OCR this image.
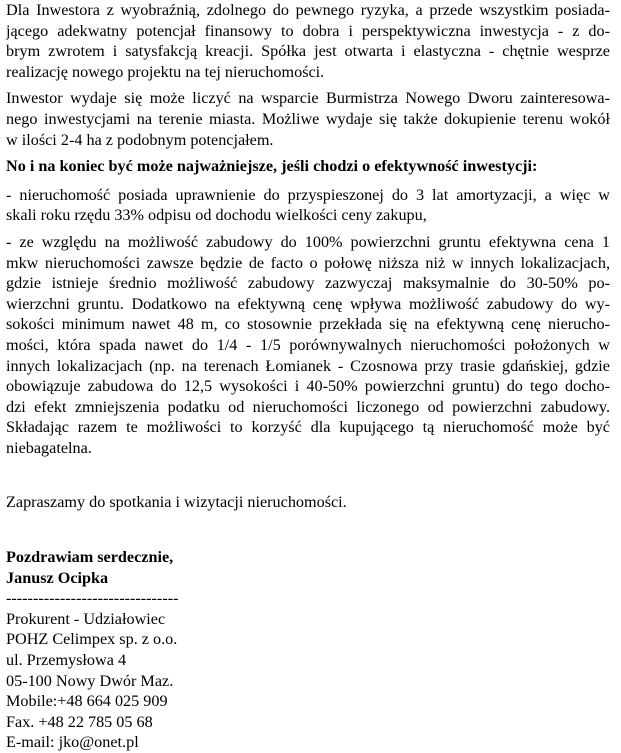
Dla Inwestora z wyobraźnią, zdolnego do pewnego ryzyka, a przede wszystkim posiada-
jącego adekwatny potencjał finansowy to dobra i perspektywiczna inwestycja - z do-
brym zwrotem i satysfakcją kreacji. Spółka jest otwarta i elastyczna - chętnie wesprze
realizację nowego projektu na tej nieruchomości.
Inwestor wydaje się może liczyć na wsparcie Burmistrza Nowego Dworu zainteresowa-
nego inwestycjami na terenie miasta. Możliwe wydaje się także dokupienie terenu wokół
w ilości 2-4 ha z podobnym potencjałem.
No i na koniec być może najważniejsze, jeśli chodzi o efektywność inwestycji:
- nieruchomość posiada uprawnienie do przyspieszonej do 3 lat amortyzacji, a więc w
skali roku rzędu 33% odpisu od dochodu wielkości ceny zakupu,
- ze względu na możliwość zabudowy do 100% powierzchni gruntu efektywna cena 1
mkw nieruchomości zawsze będzie de facto o połowę niższa niż w innych lokalizacjach,
gdzie istnieje średnio możliwość zabudowy zazwyczaj maksymalnie do 30-50% po-
wierzchni gruntu. Dodatkowo na efektywną cenę wpływa możliwość zabudowy do wy-
sokości minimum nawet 48 m, co stosownie przekłada się na efektywną cenę nierucho-
mości, która spada nawet do 1/4 - 1/5 porównywalnych nieruchomości położonych w
innych lokalizacjach (np. na terenach Łomianek - Czosnowa przy trasie gdańskiej, gdzie
obowiązuje zabudowa do 12,5 wysokości i 40-50% powierzchni gruntu) do tego docho-
dzi efekt zmniejszenia podatku od nieruchomości liczonego od powierzchni zabudowy.
Składając razem te możliwości to korzyść dla kupującego tą nieruchomość może być
niebagatelna.
Zapraszamy do spotkania i wizytacji nieruchomości.
Pozdrawiam serdecznie,
Janusz Ocipka
--------------------------------
Prokurent - Udziałowiec
POHZ Celimpex sp. z o.o.
ul. Przemysłowa 4
05-100 Nowy Dwór Maz.
Mobile:+48 664 025 909
Fax. +48 22 785 05 68
E-mail: jko@onet.pl
